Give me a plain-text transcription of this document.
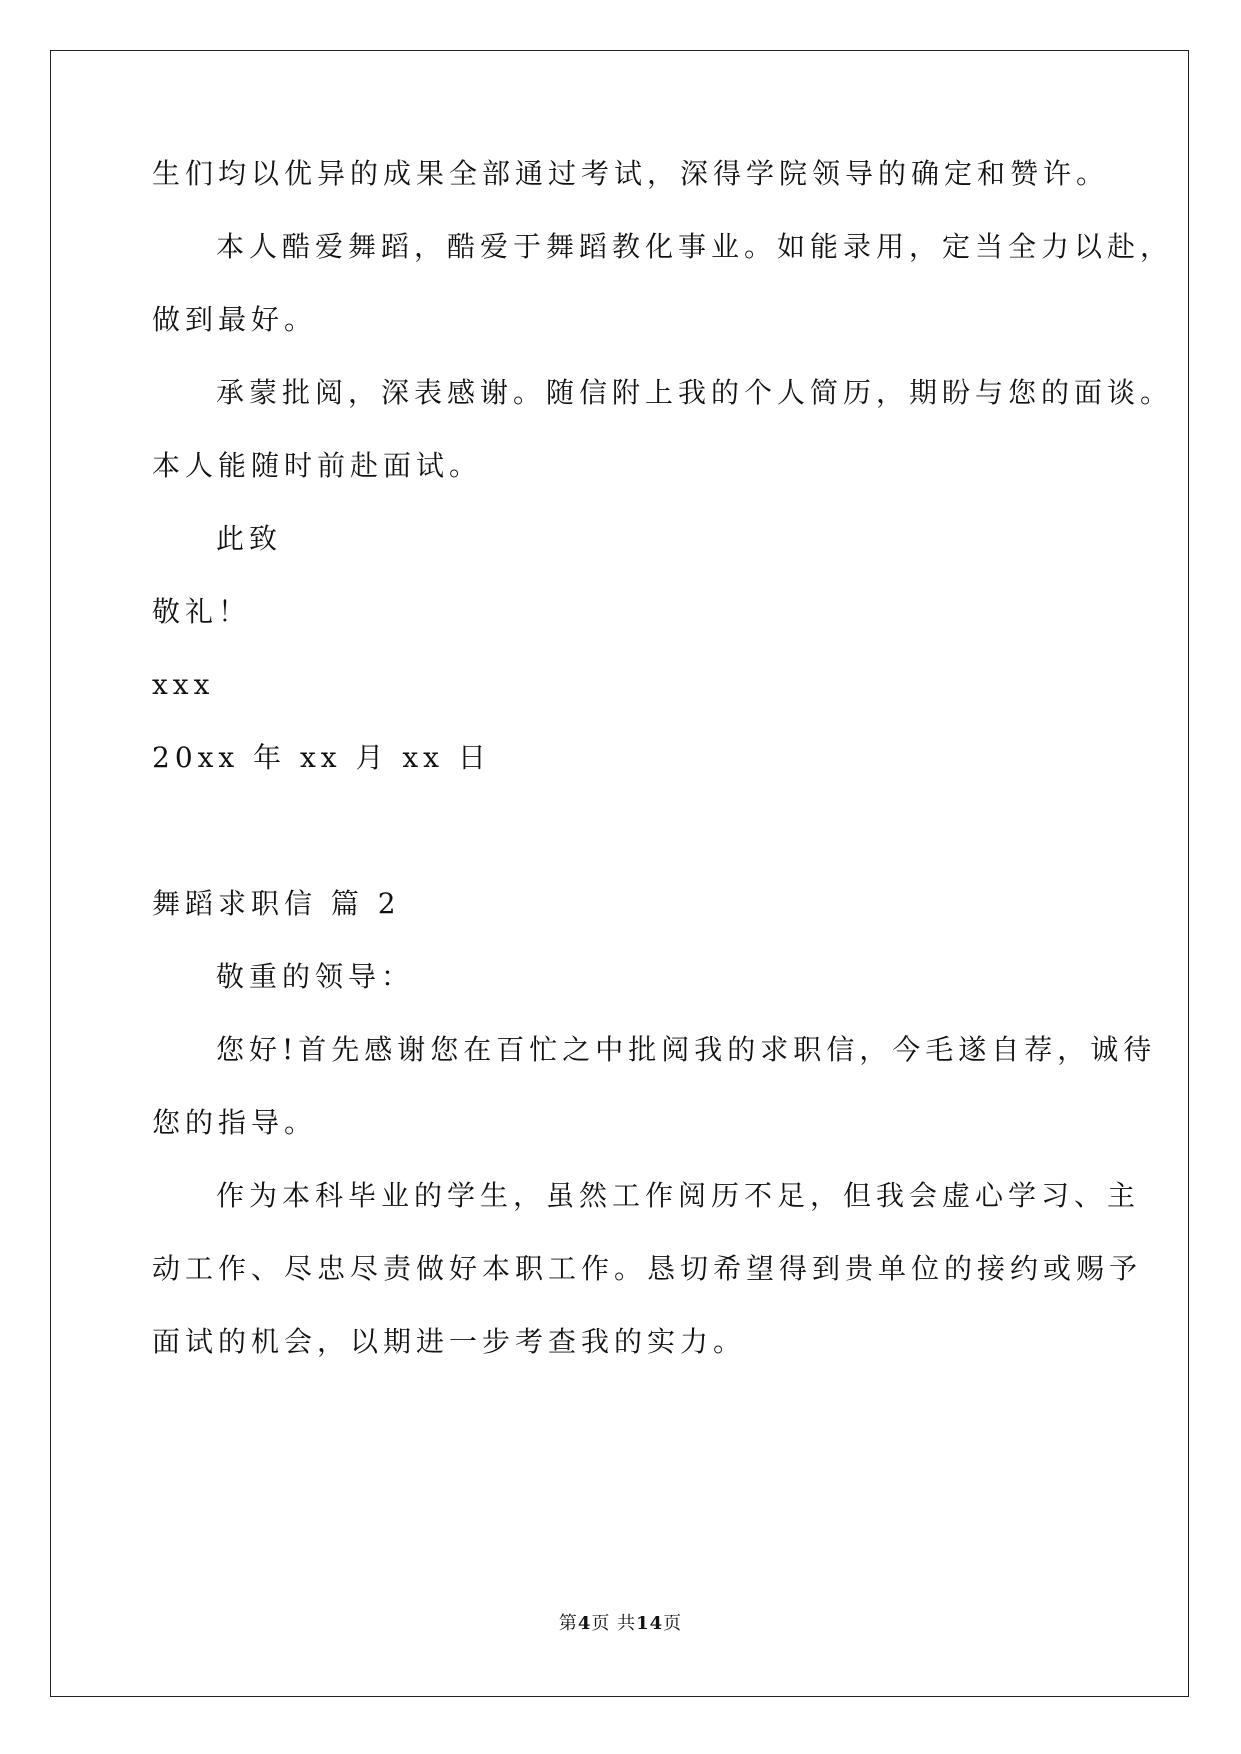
生们均以优异的成果全部通过考试，深得学院领导的确定和赞许。
本人酷爱舞蹈，酷爱于舞蹈教化事业。如能录用，定当全力以赴，
做到最好。
承蒙批阅，深表感谢。随信附上我的个人简历，期盼与您的面谈。
本人能随时前赴面试。
此致
敬礼！
xxx
20xx 年 xx 月 xx 日
舞蹈求职信 篇 2
敬重的领导：
您好!首先感谢您在百忙之中批阅我的求职信，今毛遂自荐，诚待
您的指导。
作为本科毕业的学生，虽然工作阅历不足，但我会虚心学习、主
动工作、尽忠尽责做好本职工作。恳切希望得到贵单位的接约或赐予
面试的机会，以期进一步考查我的实力。
第4页 共14页
